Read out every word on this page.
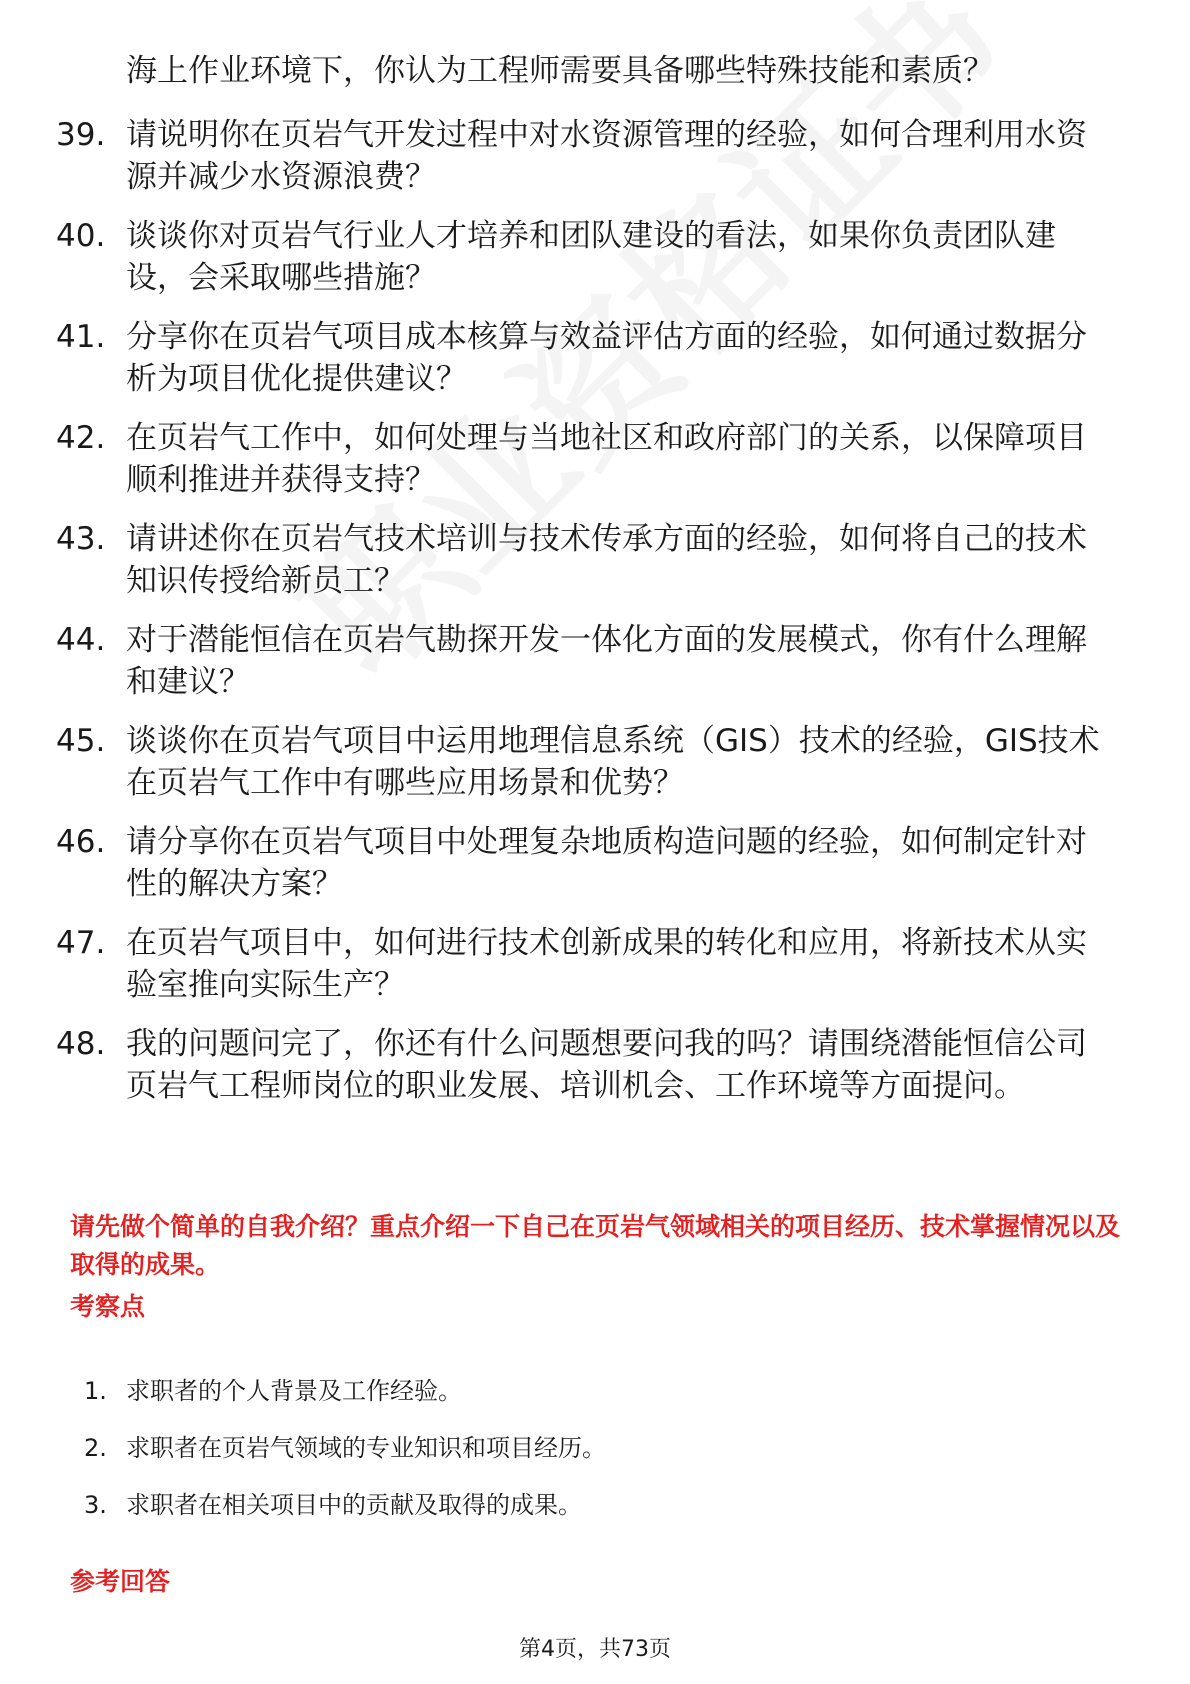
海上作业环境下，你认为工程师需要具备哪些特殊技能和素质？

39. 请说明你在页岩气开发过程中对水资源管理的经验，如何合理利用水资源并减少水资源浪费？
40. 谈谈你对页岩气行业人才培养和团队建设的看法，如果你负责团队建设，会采取哪些措施？
41. 分享你在页岩气项目成本核算与效益评估方面的经验，如何通过数据分析为项目优化提供建议？
42. 在页岩气工作中，如何处理与当地社区和政府部门的关系，以保障项目顺利推进并获得支持？
43. 请讲述你在页岩气技术培训与技术传承方面的经验，如何将自己的技术知识传授给新员工？
44. 对于潜能恒信在页岩气勘探开发一体化方面的发展模式，你有什么理解和建议？
45. 谈谈你在页岩气项目中运用地理信息系统（GIS）技术的经验，GIS技术在页岩气工作中有哪些应用场景和优势？
46. 请分享你在页岩气项目中处理复杂地质构造问题的经验，如何制定针对性的解决方案？
47. 在页岩气项目中，如何进行技术创新成果的转化和应用，将新技术从实验室推向实际生产？
48. 我的问题问完了，你还有什么问题想要问我的吗？请围绕潜能恒信公司页岩气工程师岗位的职业发展、培训机会、工作环境等方面提问。

请先做个简单的自我介绍？重点介绍一下自己在页岩气领域相关的项目经历、技术掌握情况以及取得的成果。

考察点
1. 求职者的个人背景及工作经验。
2. 求职者在页岩气领域的专业知识和项目经历。
3. 求职者在相关项目中的贡献及取得的成果。
参考回答

第4页，共73页
